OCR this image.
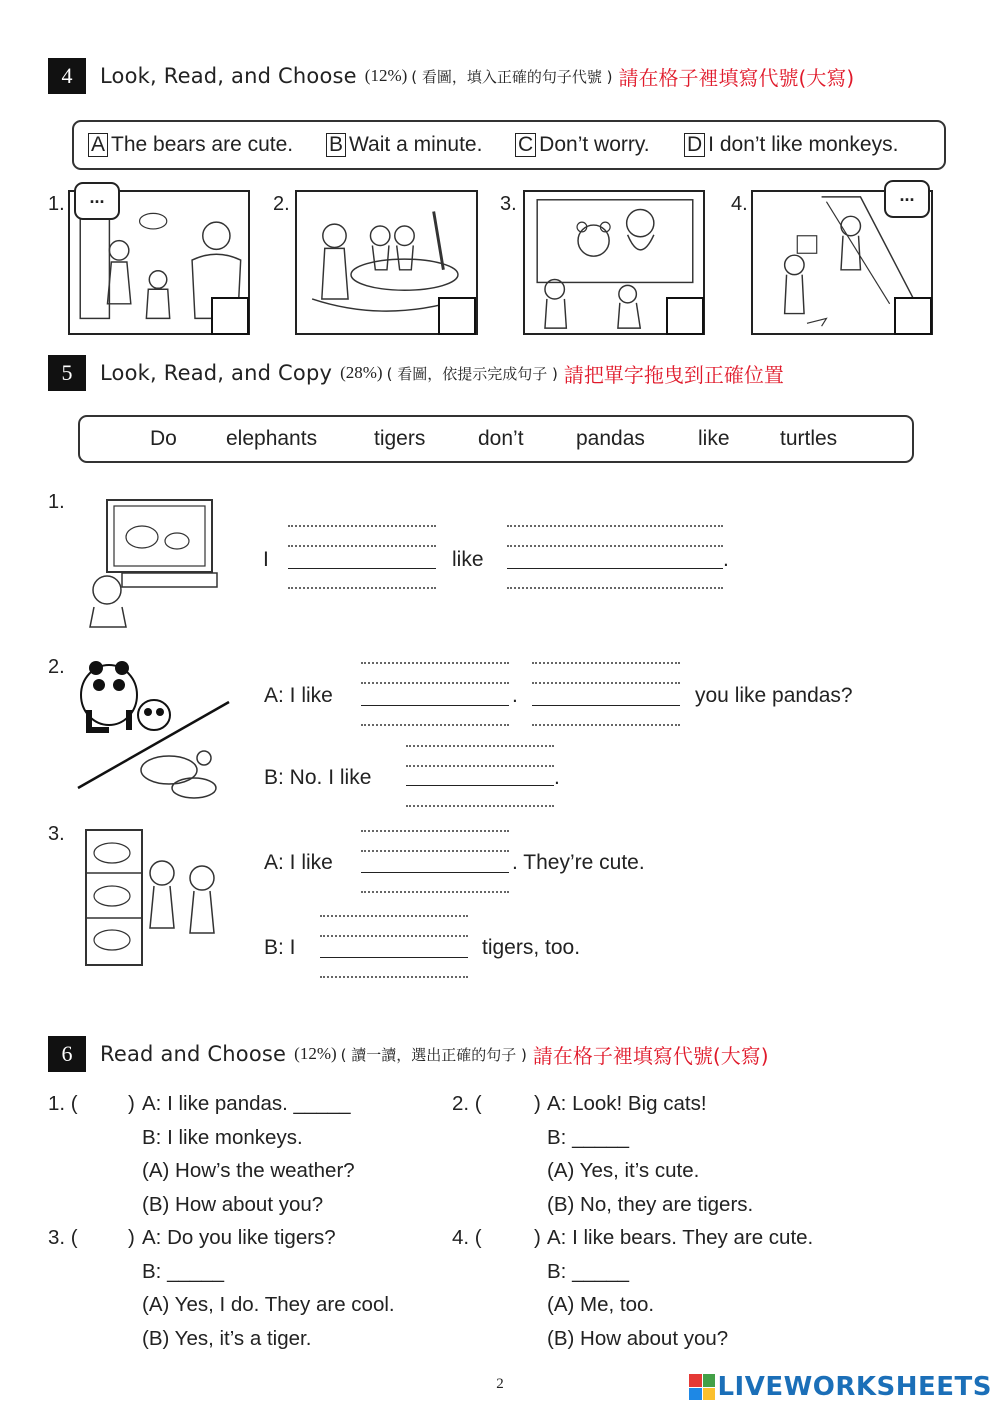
4	Look, Read, and Choose (12%) ( 看圖，填入正確的句子代號 ) 請在格子裡填寫代號(大寫)
A The bears are cute. B Wait a minute. C Don’t worry. D I don’t like monkeys.
1.	...	2.	3.	4.	...
5	Look, Read, and Copy (28%) ( 看圖，依提示完成句子 ) 請把單字拖曳到正確位置
Do elephants	tigers	don’t pandas	like turtles
1.
I	like	.
2.
A: I like	.	you like pandas?
B: No. I like	.
3.
A: I like	. They’re cute.
B: I	tigers, too.
6	Read and Choose (12%) ( 讀一讀，選出正確的句子 ) 請在格子裡填寫代號(大寫)
1. ( ) A: I like pandas. _____
B: I like monkeys.
(A) How’s the weather?
(B) How about you?
2. (	) A: Look! Big cats!
B: _____
(A) Yes, it’s cute.
(B) No, they are tigers.
3. ( ) A: Do you like tigers?
B: _____
(A) Yes, I do. They are cool.
(B) Yes, it’s a tiger.
4. (	) A: I like bears. They are cute.
B: _____
(A) Me, too.
(B) How about you?
2	LIVEWORKSHEETS
